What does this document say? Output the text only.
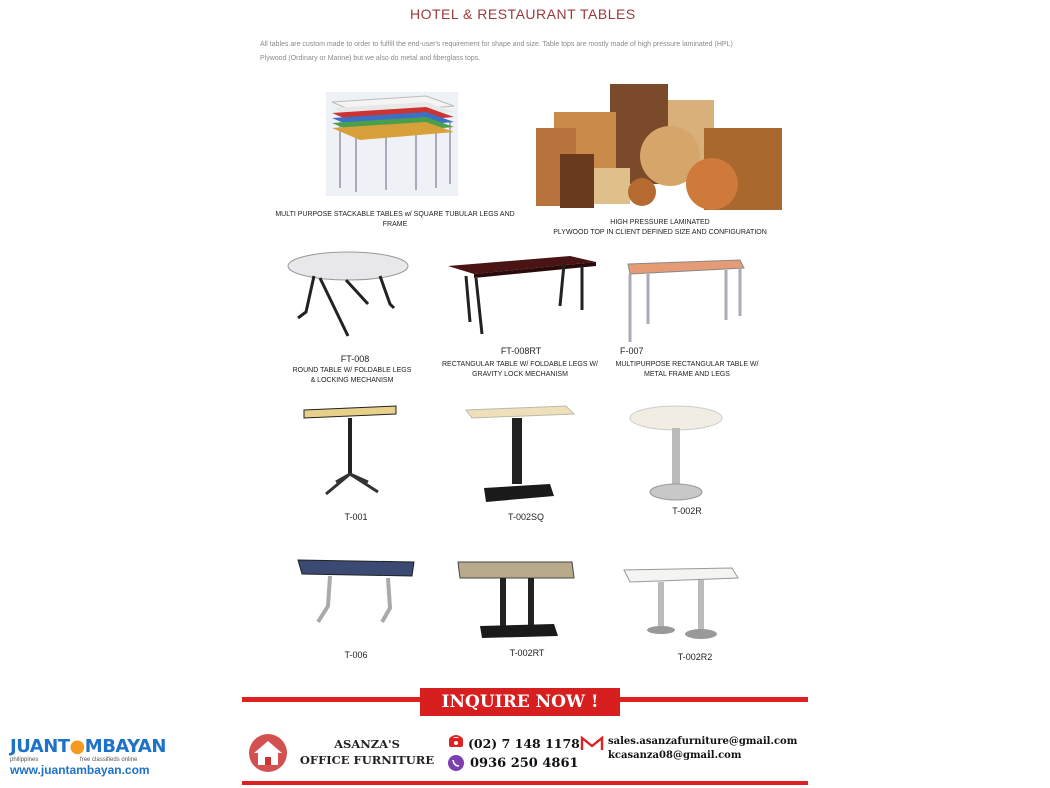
HOTEL & RESTAURANT TABLES
All tables are custom made to order to fulfill the end-user's requirement for shape and size. Table tops are mostly made of high pressure laminated (HPL) Plywood (Ordinary or Marine) but we also do metal and fiberglass tops.
MULTI PURPOSE STACKABLE TABLES w/ SQUARE TUBULAR LEGS AND FRAME	HIGH PRESSURE LAMINATED
PLYWOOD TOP IN CLIENT DEFINED SIZE AND CONFIGURATION
FT-008
ROUND TABLE W/ FOLDABLE LEGS & LOCKING MECHANISM
FT-008RT
RECTANGULAR TABLE W/ FOLDABLE LEGS W/ GRAVITY LOCK MECHANISM
F-007
MULTIPURPOSE RECTANGULAR TABLE W/ METAL FRAME AND LEGS
T-001	T-002SQ
T-002R
T-006	T-002RT	T-002R2
INQUIRE NOW !
ASANZA'S
OFFICE FURNITURE
(02) 7 148 1178
0936 250 4861
sales.asanzafurniture@gmail.com
kcasanza08@gmail.com
JUANT●MBAYAN
philippines	free classifieds online
www.juantambayan.com
